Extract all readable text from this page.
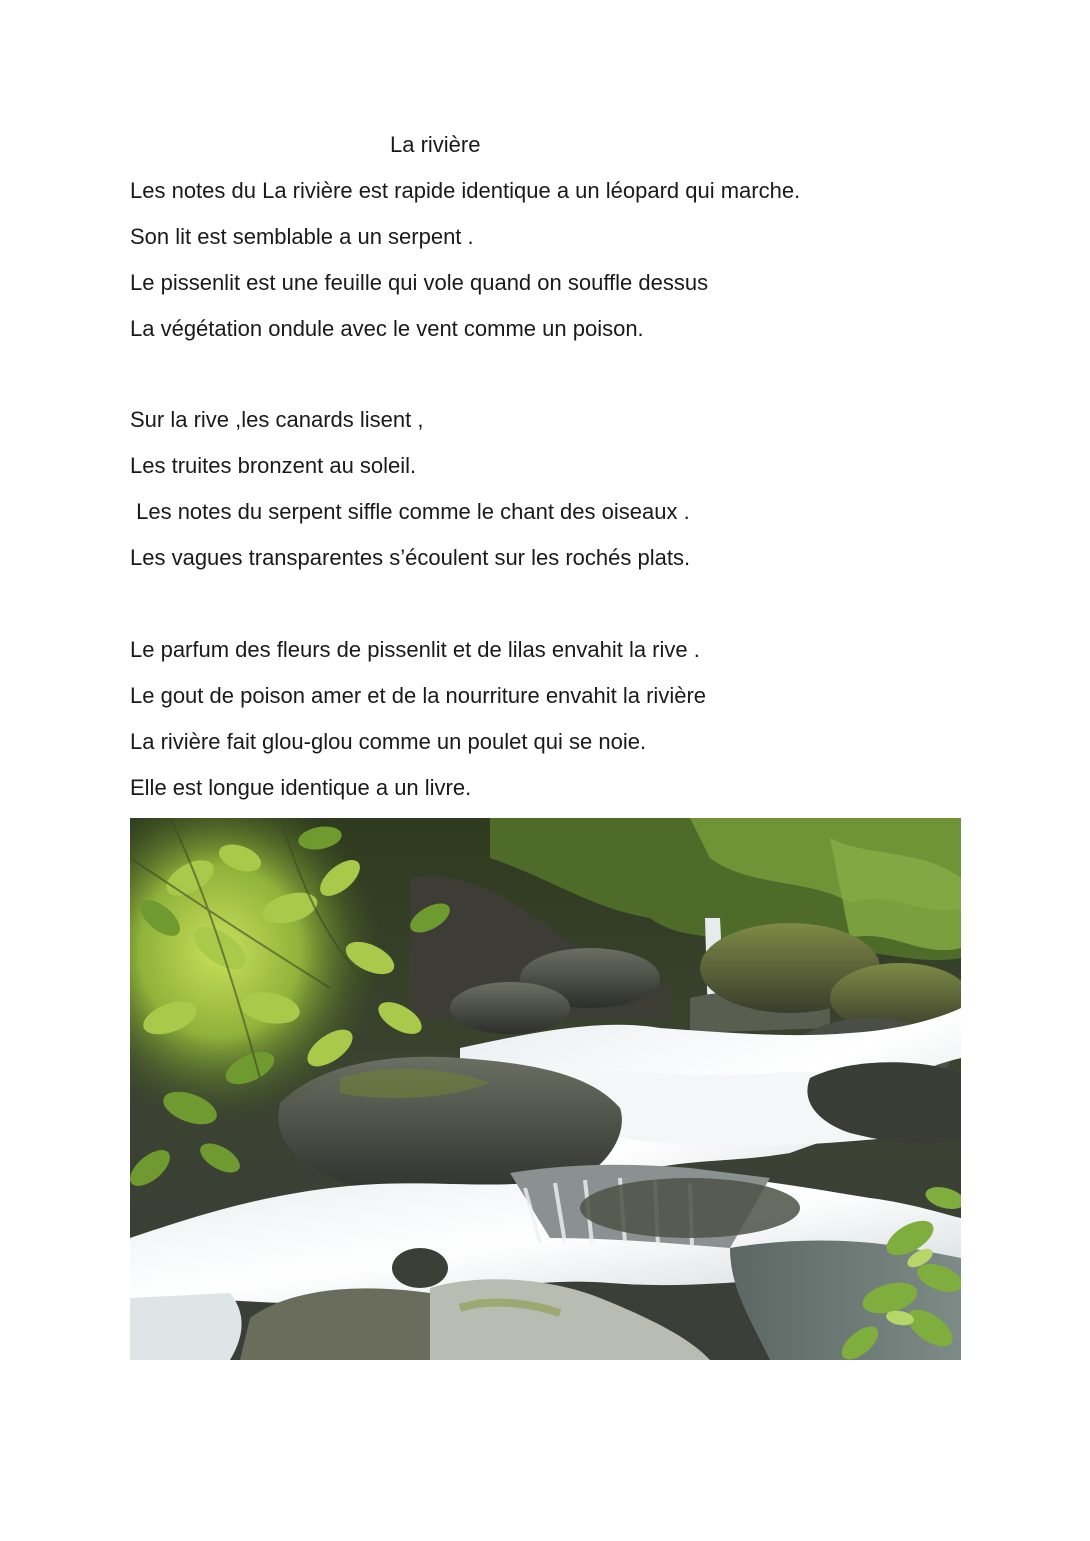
La rivière
Les notes du La rivière est rapide identique a un léopard qui marche.
Son lit est semblable a un serpent .
Le pissenlit est une feuille qui vole quand on souffle dessus
La végétation ondule avec le vent comme un poison.
Sur la rive ,les canards lisent ,
Les truites bronzent au soleil.
Les notes du serpent siffle comme le chant des oiseaux .
Les vagues transparentes s’écoulent sur les rochés plats.
Le parfum des fleurs de pissenlit et de lilas envahit la rive .
Le gout de poison amer et de la nourriture envahit la rivière
La rivière fait glou-glou comme un poulet qui se noie.
Elle est longue identique a un livre.
